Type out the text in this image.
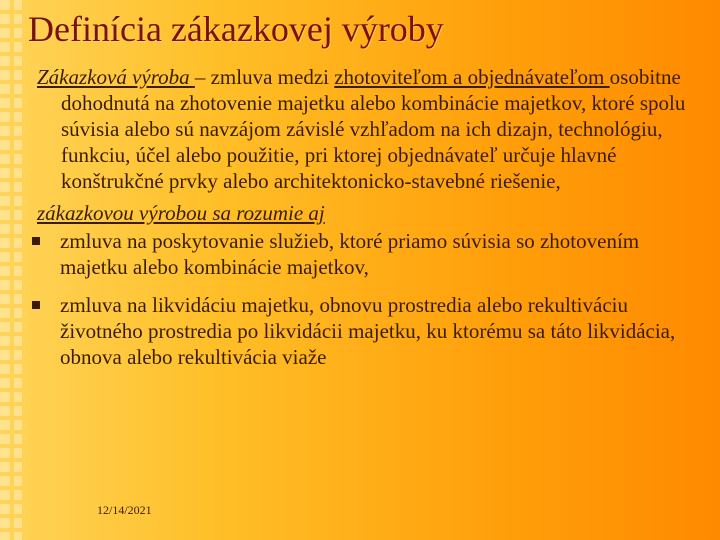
Definícia zákazkovej výroby

Zákazková výroba – zmluva medzi zhotoviteľom a objednávateľom osobitne dohodnutá na zhotovenie majetku alebo kombinácie majetkov, ktoré spolu súvisia alebo sú navzájom závislé vzhľadom na ich dizajn, technológiu, funkciu, účel alebo použitie, pri ktorej objednávateľ určuje hlavné konštrukčné prvky alebo architektonicko-stavebné riešenie,

zákazkovou výrobou sa rozumie aj

zmluva na poskytovanie služieb, ktoré priamo súvisia so zhotovením majetku alebo kombinácie majetkov,
zmluva na likvidáciu majetku, obnovu prostredia alebo rekultiváciu životného prostredia po likvidácii majetku, ku ktorému sa táto likvidácia, obnova alebo rekultivácia viaže
12/14/2021
